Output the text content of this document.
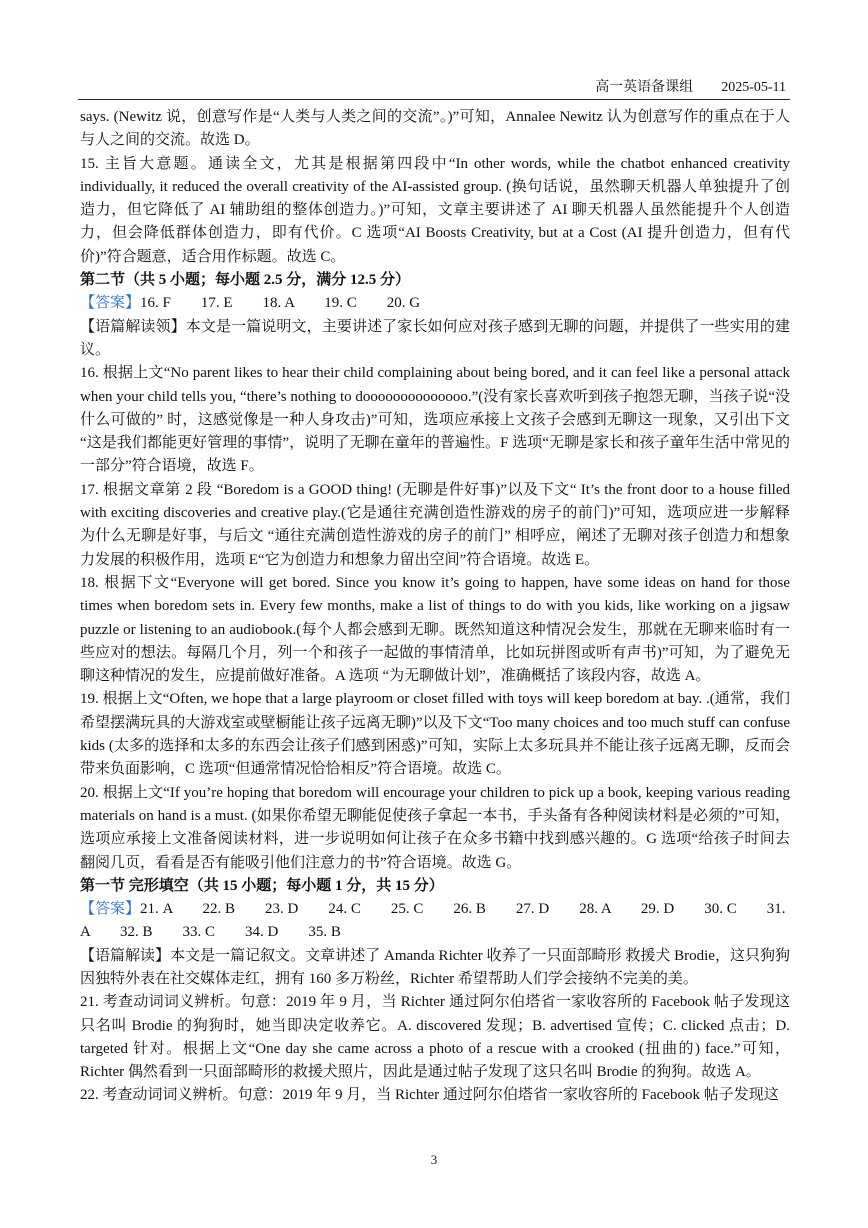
高一英语备课组 2025-05-11

says. (Newitz 说，创意写作是“人类与人类之间的交流”。)”可知，Annalee Newitz 认为创意写作的重点在于人与人之间的交流。故选 D。

15. 主旨大意题。通读全文，尤其是根据第四段中“In other words, while the chatbot enhanced creativity individually, it reduced the overall creativity of the AI-assisted group. (换句话说，虽然聊天机器人单独提升了创造力，但它降低了 AI 辅助组的整体创造力。)”可知，文章主要讲述了 AI 聊天机器人虽然能提升个人创造力，但会降低群体创造力，即有代价。C 选项“AI Boosts Creativity, but at a Cost (AI 提升创造力，但有代价)”符合题意，适合用作标题。故选 C。

第二节（共 5 小题；每小题 2.5 分，满分 12.5 分）

【答案】16. F        17. E        18. A        19. C        20. G

【语篇解读领】本文是一篇说明文，主要讲述了家长如何应对孩子感到无聊的问题，并提供了一些实用的建议。

16. 根据上文“No parent likes to hear their child complaining about being bored, and it can feel like a personal attack when your child tells you, “there’s nothing to doooooooooooooo.”(没有家长喜欢听到孩子抱怨无聊，当孩子说“没什么可做的” 时，这感觉像是一种人身攻击)”可知，选项应承接上文孩子会感到无聊这一现象，又引出下文 “这是我们都能更好管理的事情”，说明了无聊在童年的普遍性。F 选项“无聊是家长和孩子童年生活中常见的一部分”符合语境，故选 F。

17. 根据文章第 2 段 “Boredom is a GOOD thing! (无聊是件好事)”以及下文“ It’s the front door to a house filled with exciting discoveries and creative play.(它是通往充满创造性游戏的房子的前门)”可知，选项应进一步解释为什么无聊是好事，与后文 “通往充满创造性游戏的房子的前门” 相呼应，阐述了无聊对孩子创造力和想象力发展的积极作用，选项 E“它为创造力和想象力留出空间”符合语境。故选 E。

18. 根据下文“Everyone will get bored. Since you know it’s going to happen, have some ideas on hand for those times when boredom sets in. Every few months, make a list of things to do with you kids, like working on a jigsaw puzzle or listening to an audiobook.(每个人都会感到无聊。既然知道这种情况会发生，那就在无聊来临时有一些应对的想法。每隔几个月，列一个和孩子一起做的事情清单，比如玩拼图或听有声书)”可知，为了避免无聊这种情况的发生，应提前做好准备。A 选项 “为无聊做计划”，准确概括了该段内容，故选 A。

19. 根据上文“Often, we hope that a large playroom or closet filled with toys will keep boredom at bay. .(通常，我们希望摆满玩具的大游戏室或壁橱能让孩子远离无聊)”以及下文“Too many choices and too much stuff can confuse kids (太多的选择和太多的东西会让孩子们感到困惑)”可知，实际上太多玩具并不能让孩子远离无聊，反而会带来负面影响，C 选项“但通常情况恰恰相反”符合语境。故选 C。

20. 根据上文“If you’re hoping that boredom will encourage your children to pick up a book, keeping various reading materials on hand is a must. (如果你希望无聊能促使孩子拿起一本书，手头备有各种阅读材料是必须的”可知，选项应承接上文准备阅读材料，进一步说明如何让孩子在众多书籍中找到感兴趣的。G 选项“给孩子时间去翻阅几页，看看是否有能吸引他们注意力的书”符合语境。故选 G。

第一节 完形填空（共 15 小题；每小题 1 分，共 15 分）

【答案】21. A        22. B        23. D        24. C        25. C        26. B        27. D        28. A        29. D        30. C        31. A        32. B        33. C        34. D        35. B

【语篇解读】本文是一篇记叙文。文章讲述了 Amanda Richter 收养了一只面部畸形 救援犬 Brodie，这只狗狗因独特外表在社交媒体走红，拥有 160 多万粉丝，Richter 希望帮助人们学会接纳不完美的美。

21. 考查动词词义辨析。句意：2019 年 9 月，当 Richter 通过阿尔伯塔省一家收容所的 Facebook 帖子发现这只名叫 Brodie 的狗狗时，她当即决定收养它。A. discovered 发现；B. advertised 宣传；C. clicked 点击；D. targeted 针对。根据上文“One day she came across a photo of a rescue with a crooked (扭曲的) face.”可知，Richter 偶然看到一只面部畸形的救援犬照片，因此是通过帖子发现了这只名叫 Brodie 的狗狗。故选 A。

22. 考查动词词义辨析。句意：2019 年 9 月，当 Richter 通过阿尔伯塔省一家收容所的 Facebook 帖子发现这

3
